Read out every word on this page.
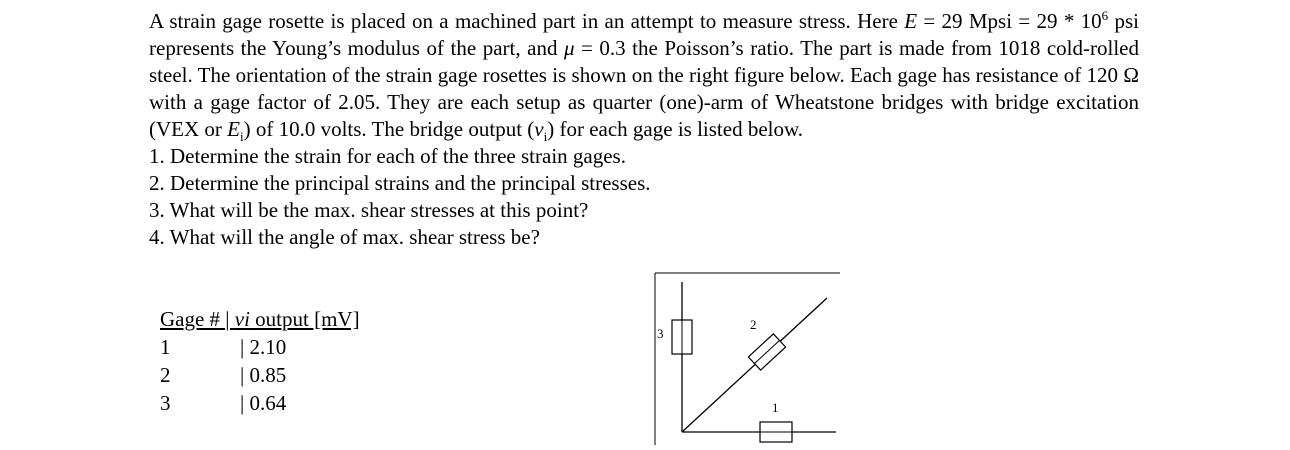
A strain gage rosette is placed on a machined part in an attempt to measure stress. Here E = 29 Mpsi = $29 * 10^6$ psi represents the Young’s modulus of the part, and μ = 0.3 the Poisson’s ratio. The part is made from 1018 cold-rolled steel. The orientation of the strain gage rosettes is shown on the right figure below. Each gage has resistance of 120 Ω with a gage factor of 2.05. They are each setup as quarter (one)-arm of Wheatstone bridges with bridge excitation (VEX or $E_i$) of 10.0 volts. The bridge output $(v_i)$ for each gage is listed below.

1. Determine the strain for each of the three strain gages.
2. Determine the principal strains and the principal stresses.
3. What will be the max. shear stresses at this point?
4. What will the angle of max. shear stress be?
Gage # | vi output [mV]
1	| 2.10
2	| 0.85
3	| 0.64
3
2
1
